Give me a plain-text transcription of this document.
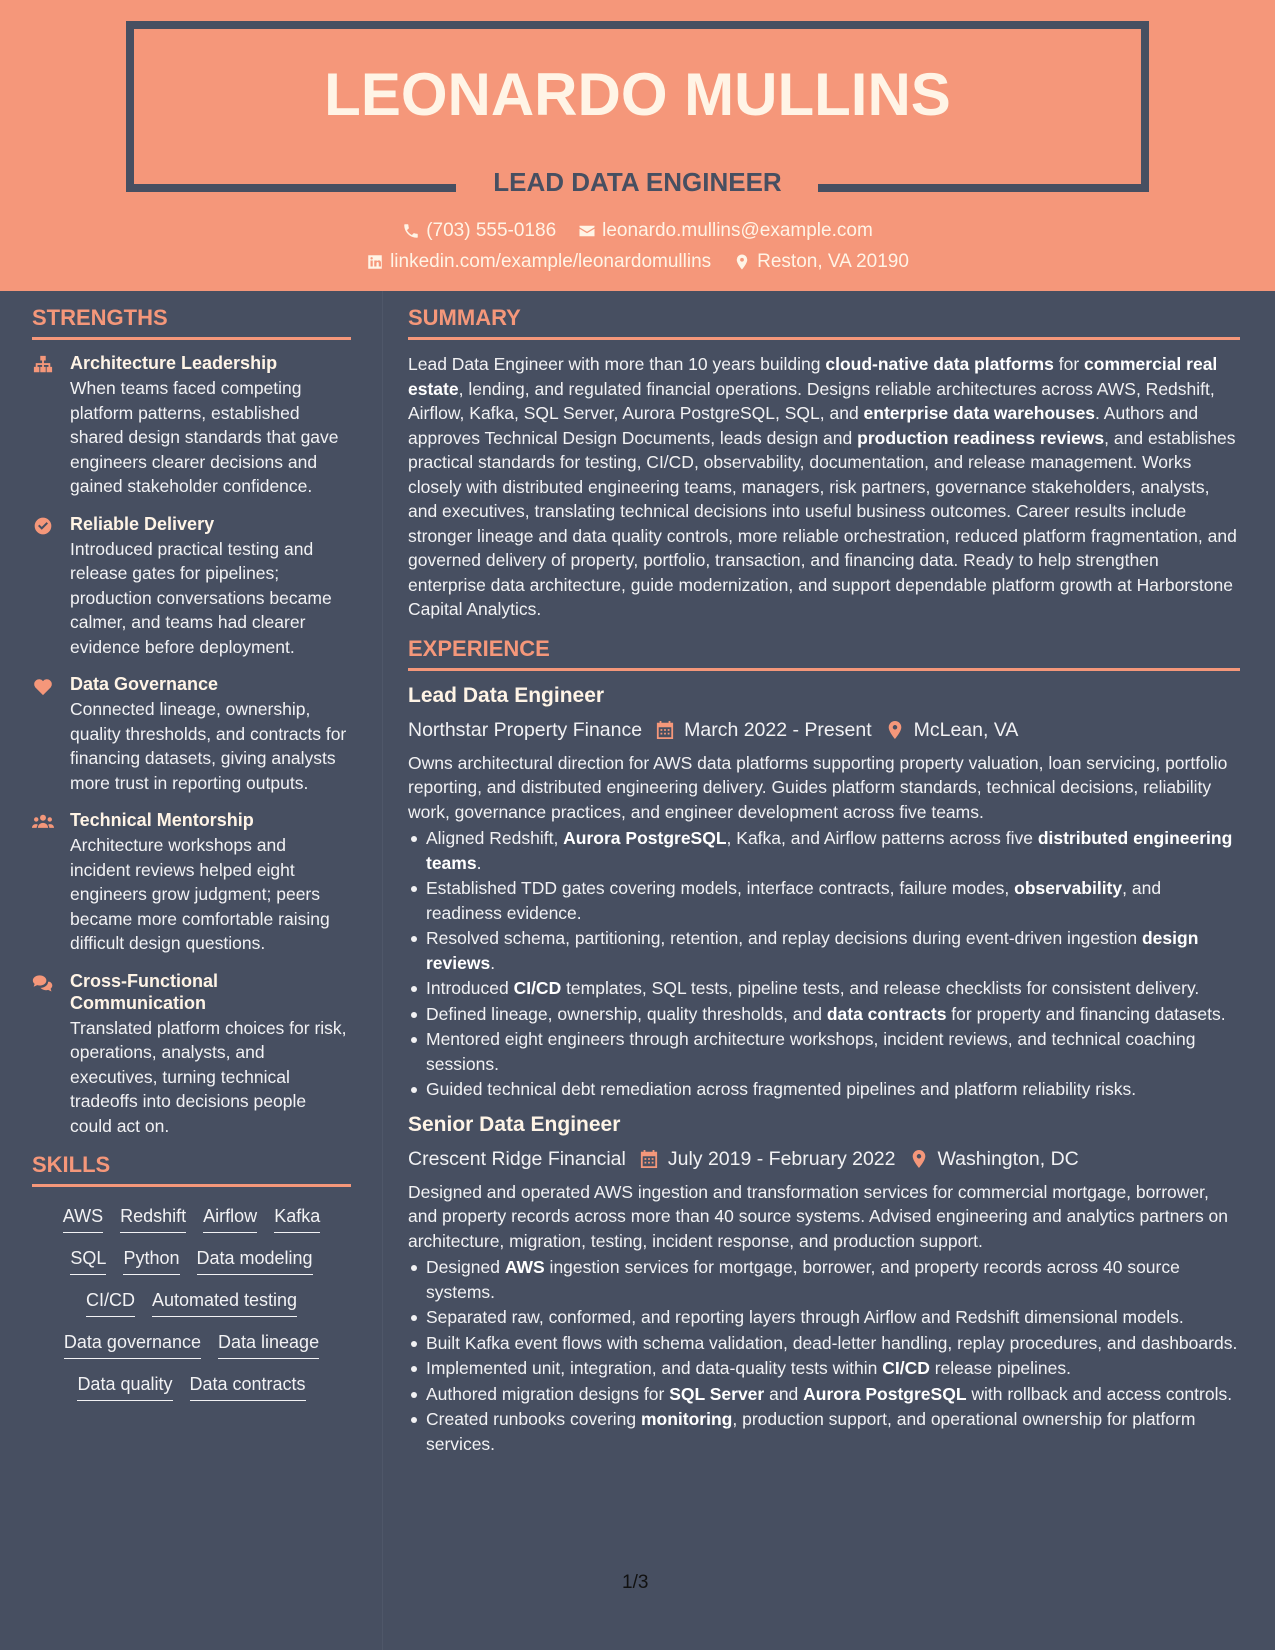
LEONARDO MULLINS
LEAD DATA ENGINEER
(703) 555-0186 leonardo.mullins@example.com
linkedin.com/example/leonardomullins Reston, VA 20190
STRENGTHS
Architecture Leadership
When teams faced competing platform patterns, established shared design standards that gave engineers clearer decisions and gained stakeholder confidence.
Reliable Delivery
Introduced practical testing and release gates for pipelines; production conversations became calmer, and teams had clearer evidence before deployment.
Data Governance
Connected lineage, ownership, quality thresholds, and contracts for financing datasets, giving analysts more trust in reporting outputs.
Technical Mentorship
Architecture workshops and incident reviews helped eight engineers grow judgment; peers became more comfortable raising difficult design questions.
Cross-Functional Communication
Translated platform choices for risk, operations, analysts, and executives, turning technical tradeoffs into decisions people could act on.
SKILLS
AWS Redshift Airflow Kafka
SQL Python Data modeling
CI/CD Automated testing
Data governance Data lineage
Data quality Data contracts
SUMMARY

Lead Data Engineer with more than 10 years building cloud-native data platforms for commercial real estate, lending, and regulated financial operations. Designs reliable architectures across AWS, Redshift, Airflow, Kafka, SQL Server, Aurora PostgreSQL, SQL, and enterprise data warehouses. Authors and approves Technical Design Documents, leads design and production readiness reviews, and establishes practical standards for testing, CI/CD, observability, documentation, and release management. Works closely with distributed engineering teams, managers, risk partners, governance stakeholders, analysts, and executives, translating technical decisions into useful business outcomes. Career results include stronger lineage and data quality controls, more reliable orchestration, reduced platform fragmentation, and governed delivery of property, portfolio, transaction, and financing data. Ready to help strengthen enterprise data architecture, guide modernization, and support dependable platform growth at Harborstone Capital Analytics.

EXPERIENCE
Lead Data Engineer
Northstar Property Finance March 2022 - Present McLean, VA

Owns architectural direction for AWS data platforms supporting property valuation, loan servicing, portfolio reporting, and distributed engineering delivery. Guides platform standards, technical decisions, reliability work, governance practices, and engineer development across five teams.

Aligned Redshift, Aurora PostgreSQL, Kafka, and Airflow patterns across five distributed engineering teams.
Established TDD gates covering models, interface contracts, failure modes, observability, and readiness evidence.
Resolved schema, partitioning, retention, and replay decisions during event-driven ingestion design reviews.
Introduced CI/CD templates, SQL tests, pipeline tests, and release checklists for consistent delivery.
Defined lineage, ownership, quality thresholds, and data contracts for property and financing datasets.
Mentored eight engineers through architecture workshops, incident reviews, and technical coaching sessions.
Guided technical debt remediation across fragmented pipelines and platform reliability risks.
Senior Data Engineer
Crescent Ridge Financial July 2019 - February 2022 Washington, DC

Designed and operated AWS ingestion and transformation services for commercial mortgage, borrower, and property records across more than 40 source systems. Advised engineering and analytics partners on architecture, migration, testing, incident response, and production support.

Designed AWS ingestion services for mortgage, borrower, and property records across 40 source systems.
Separated raw, conformed, and reporting layers through Airflow and Redshift dimensional models.
Built Kafka event flows with schema validation, dead-letter handling, replay procedures, and dashboards.
Implemented unit, integration, and data-quality tests within CI/CD release pipelines.
Authored migration designs for SQL Server and Aurora PostgreSQL with rollback and access controls.
Created runbooks covering monitoring, production support, and operational ownership for platform services.
1/3
